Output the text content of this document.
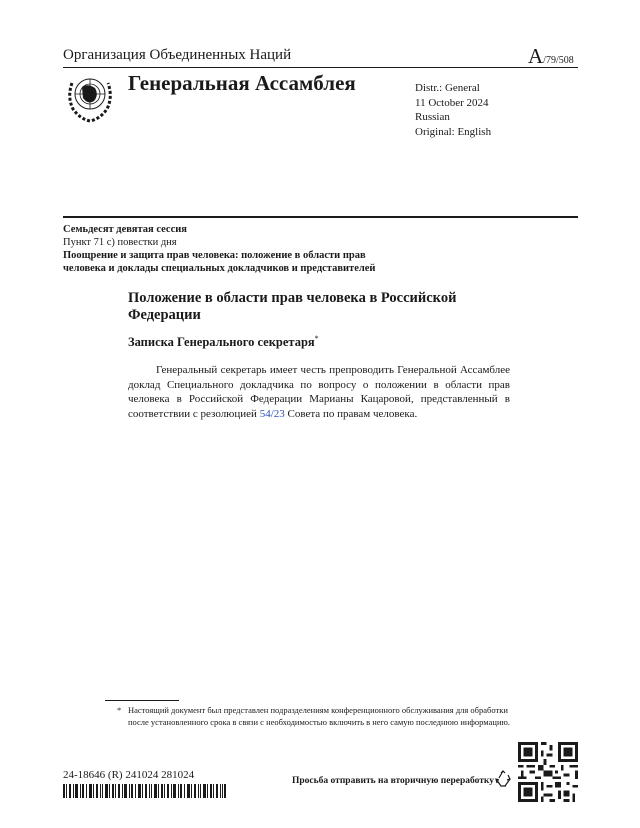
Организация Объединенных Наций	A/79/508
Генеральная Ассамблея	Distr.: General
11 October 2024
Russian
Original: English
Семьдесят девятая сессия
Пункт 71 c) повестки дня
Поощрение и защита прав человека: положение в области прав
человека и доклады специальных докладчиков и представителей
Положение в области прав человека в Российской Федерации
Записка Генерального секретаря*
Генеральный секретарь имеет честь препроводить Генеральной Ассамблее доклад Специального докладчика по вопросу о положении в области прав человека в Российской Федерации Марианы Кацаровой, представленный в соответствии с резолюцией 54/23 Совета по правам человека.
* Настоящий документ был представлен подразделениям конференционного обслуживания для обработки после установленного срока в связи с необходимостью включить в него самую последнюю информацию.
24-18646 (R) 241024 281024	Просьба отправить на вторичную переработку
